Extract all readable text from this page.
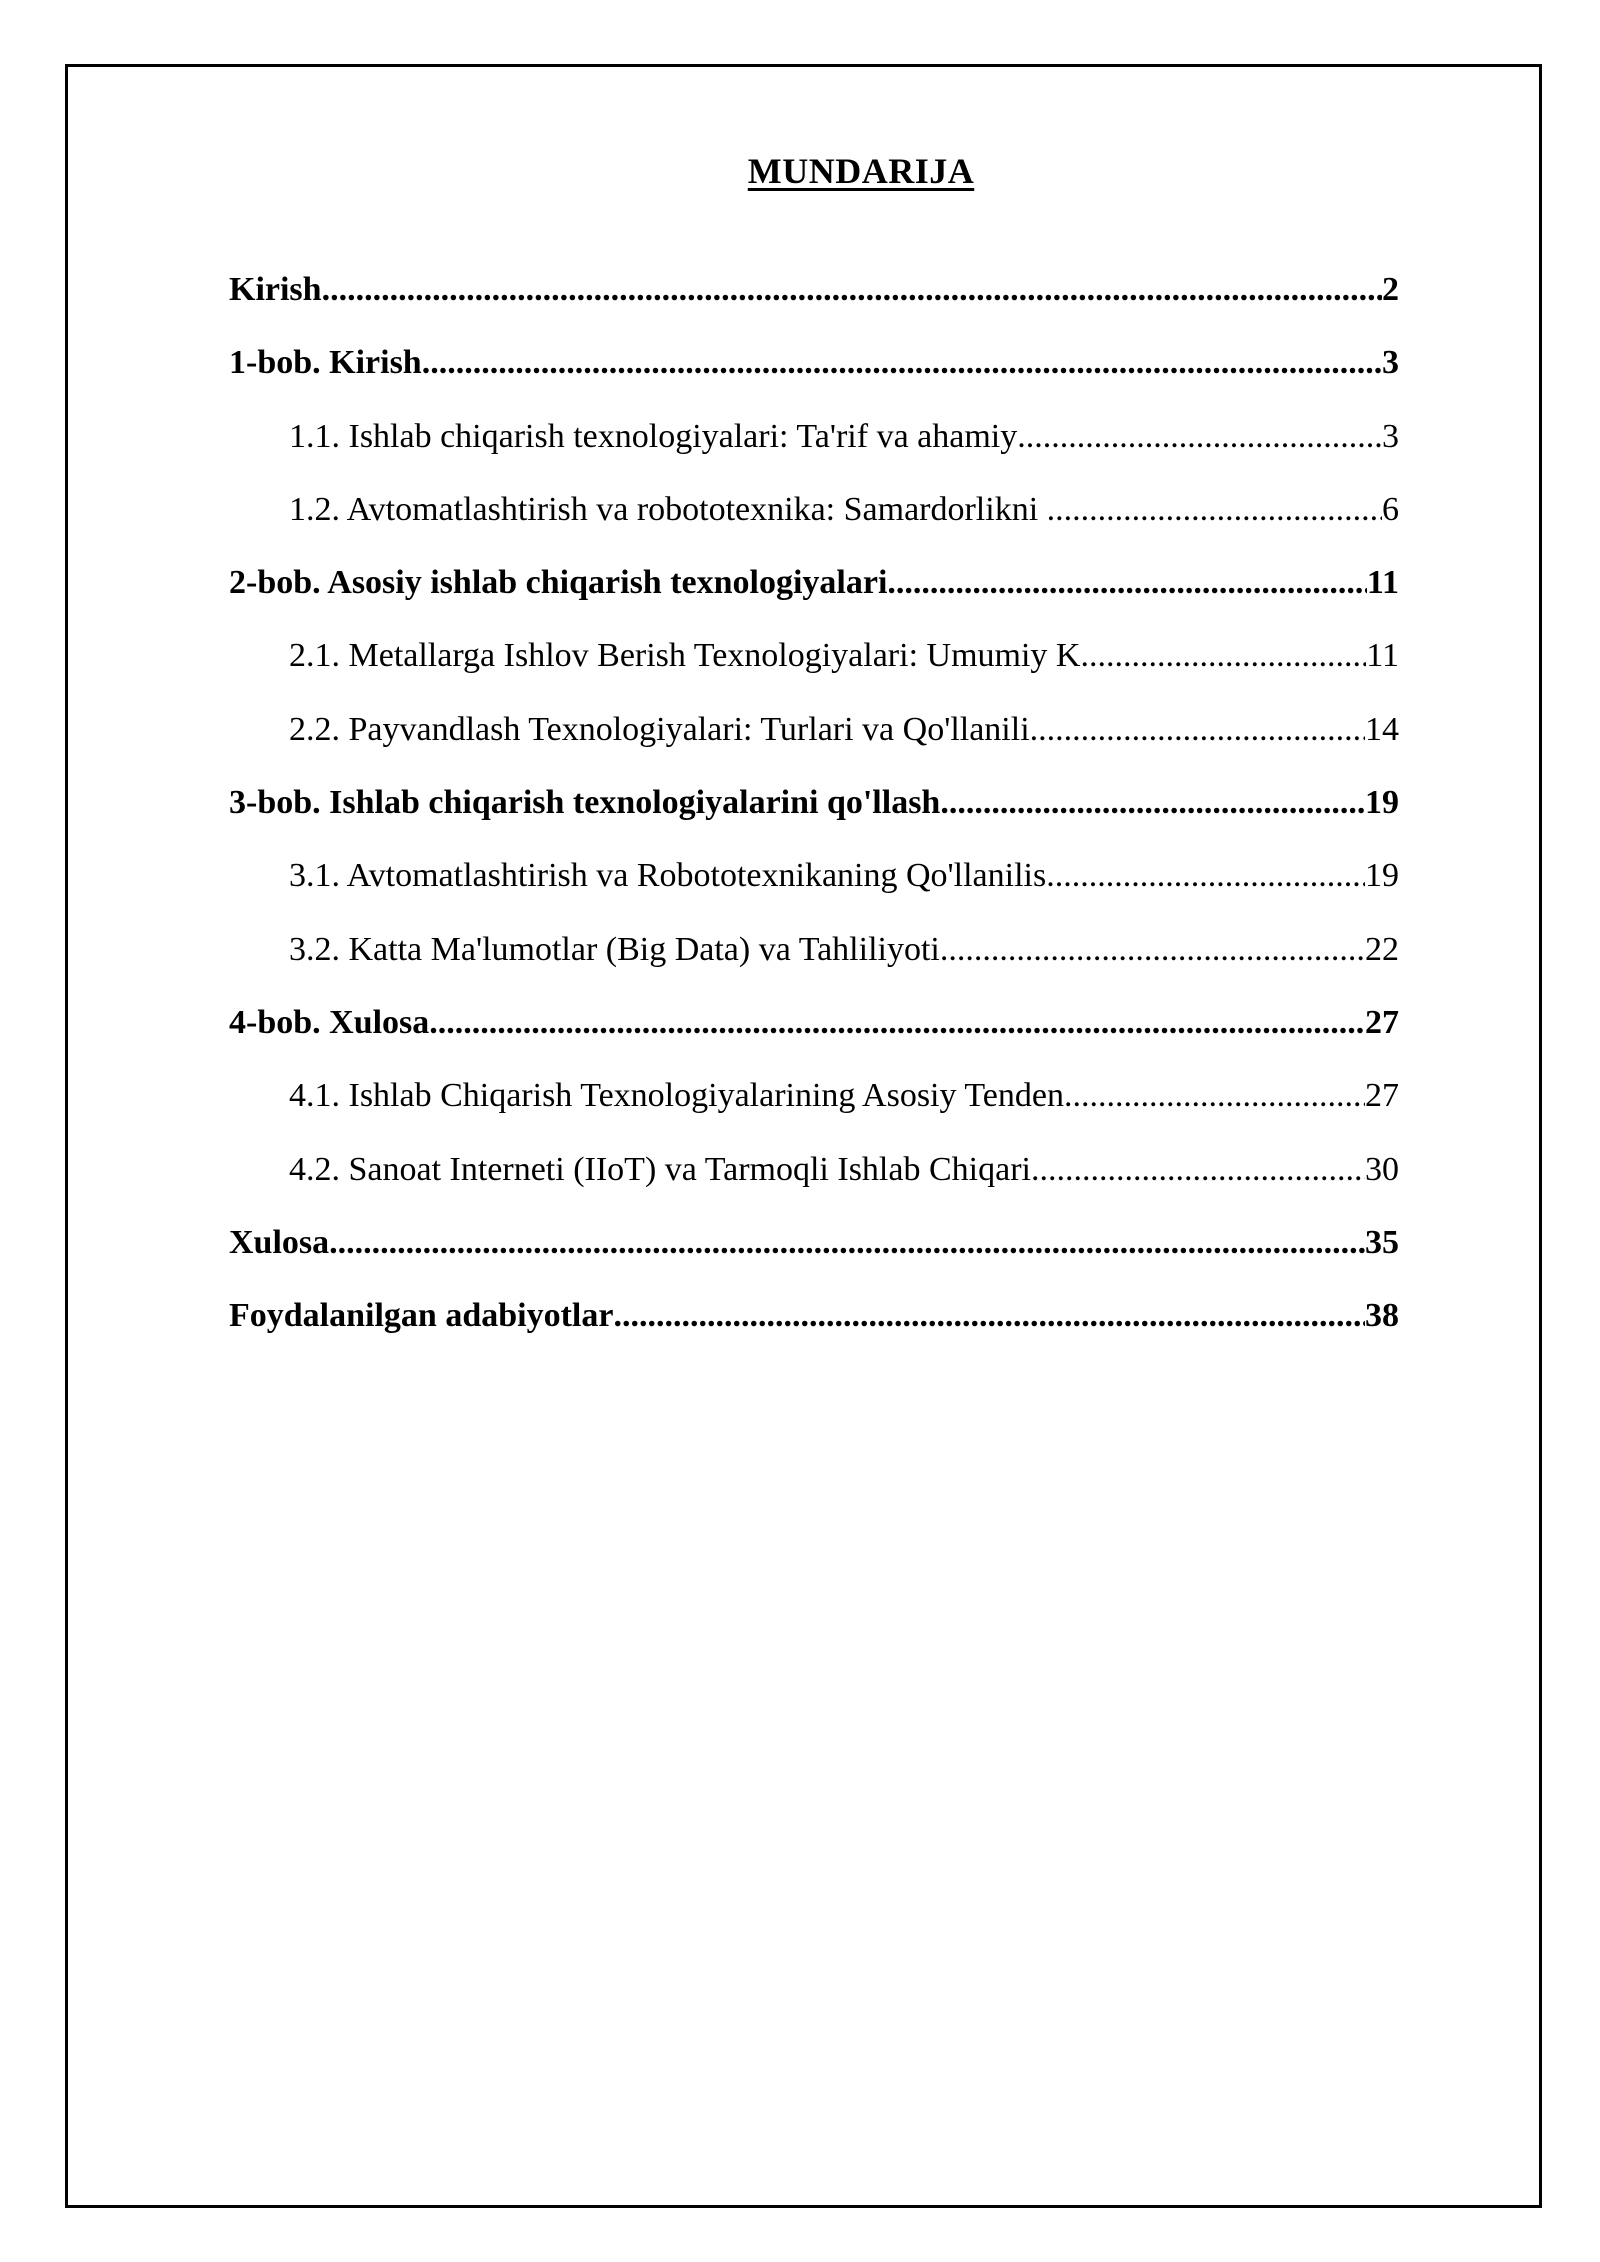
MUNDARIJA
Kirish .....	2
1-bob. Kirish .....	3
1.1. Ishlab chiqarish texnologiyalari: Ta'rif va ahamiy .....	3
1.2. Avtomatlashtirish va robototexnika: Samardorlikni .....	6
2-bob. Asosiy ishlab chiqarish texnologiyalari .....	11
2.1. Metallarga Ishlov Berish Texnologiyalari: Umumiy K .....	11
2.2. Payvandlash Texnologiyalari: Turlari va Qo'llanili .....	14
3-bob. Ishlab chiqarish texnologiyalarini qo'llash .....	19
3.1. Avtomatlashtirish va Robototexnikaning Qo'llanilis .....	19
3.2. Katta Ma'lumotlar (Big Data) va Tahliliyoti .....	22
4-bob. Xulosa .....	27
4.1. Ishlab Chiqarish Texnologiyalarining Asosiy Tenden .....	27
4.2. Sanoat Interneti (IIoT) va Tarmoqli Ishlab Chiqari .....	30
Xulosa .....	35
Foydalanilgan adabiyotlar .....	38
